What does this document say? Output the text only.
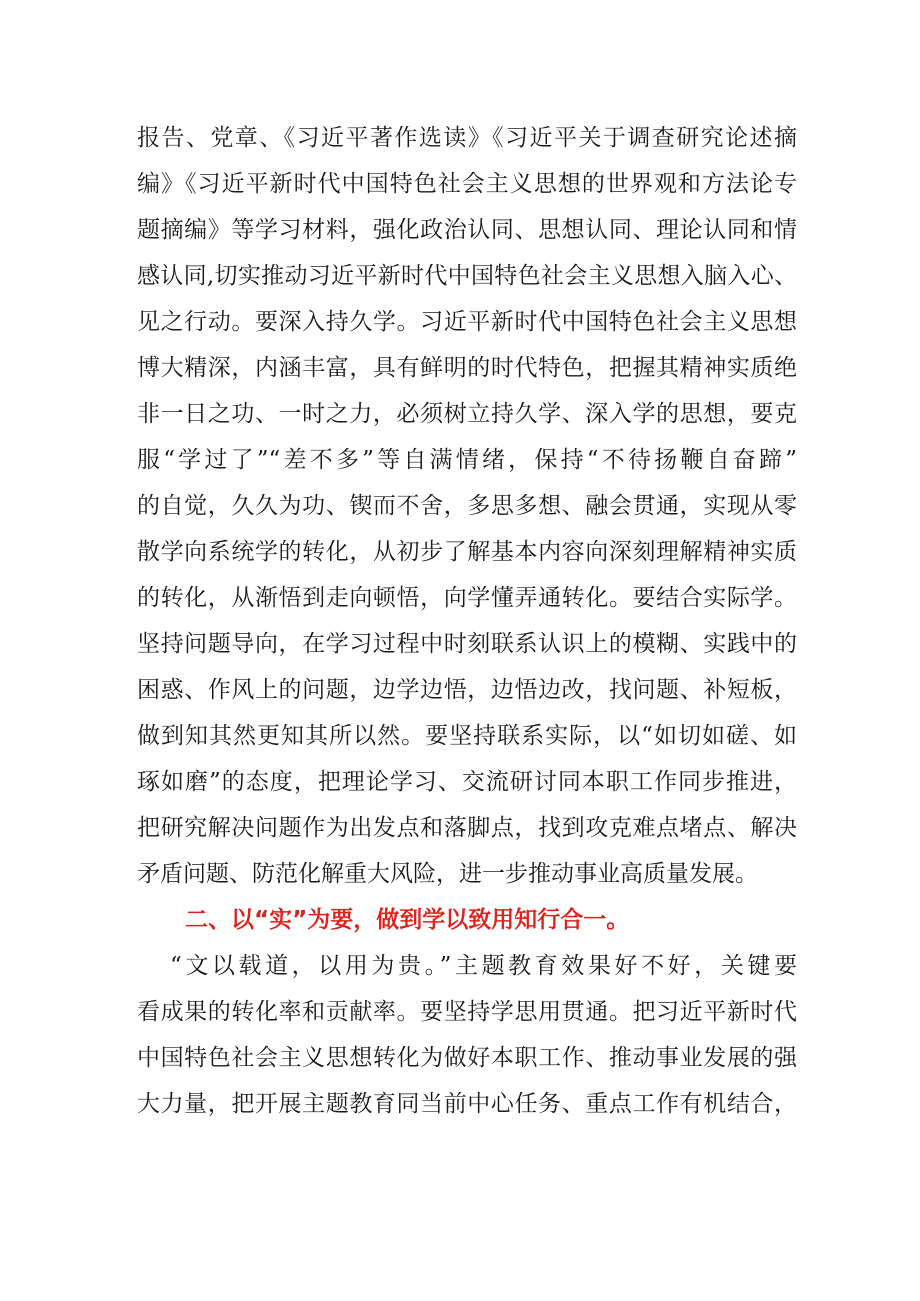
报告、党章、《习近平著作选读》《习近平关于调查研究论述摘
编》《习近平新时代中国特色社会主义思想的世界观和方法论专
题摘编》等学习材料，强化政治认同、思想认同、理论认同和情
感认同,切实推动习近平新时代中国特色社会主义思想入脑入心、
见之行动。要深入持久学。习近平新时代中国特色社会主义思想
博大精深，内涵丰富，具有鲜明的时代特色，把握其精神实质绝
非一日之功、一时之力，必须树立持久学、深入学的思想，要克
服“学过了”“差不多”等自满情绪，保持“不待扬鞭自奋蹄”
的自觉，久久为功、锲而不舍，多思多想、融会贯通，实现从零
散学向系统学的转化，从初步了解基本内容向深刻理解精神实质
的转化，从渐悟到走向顿悟，向学懂弄通转化。要结合实际学。
坚持问题导向，在学习过程中时刻联系认识上的模糊、实践中的
困惑、作风上的问题，边学边悟，边悟边改，找问题、补短板，
做到知其然更知其所以然。要坚持联系实际，以“如切如磋、如
琢如磨”的态度，把理论学习、交流研讨同本职工作同步推进，
把研究解决问题作为出发点和落脚点，找到攻克难点堵点、解决
矛盾问题、防范化解重大风险，进一步推动事业高质量发展。
二、以“实”为要，做到学以致用知行合一。
“文以载道，以用为贵。”主题教育效果好不好，关键要
看成果的转化率和贡献率。要坚持学思用贯通。把习近平新时代
中国特色社会主义思想转化为做好本职工作、推动事业发展的强
大力量，把开展主题教育同当前中心任务、重点工作有机结合，
